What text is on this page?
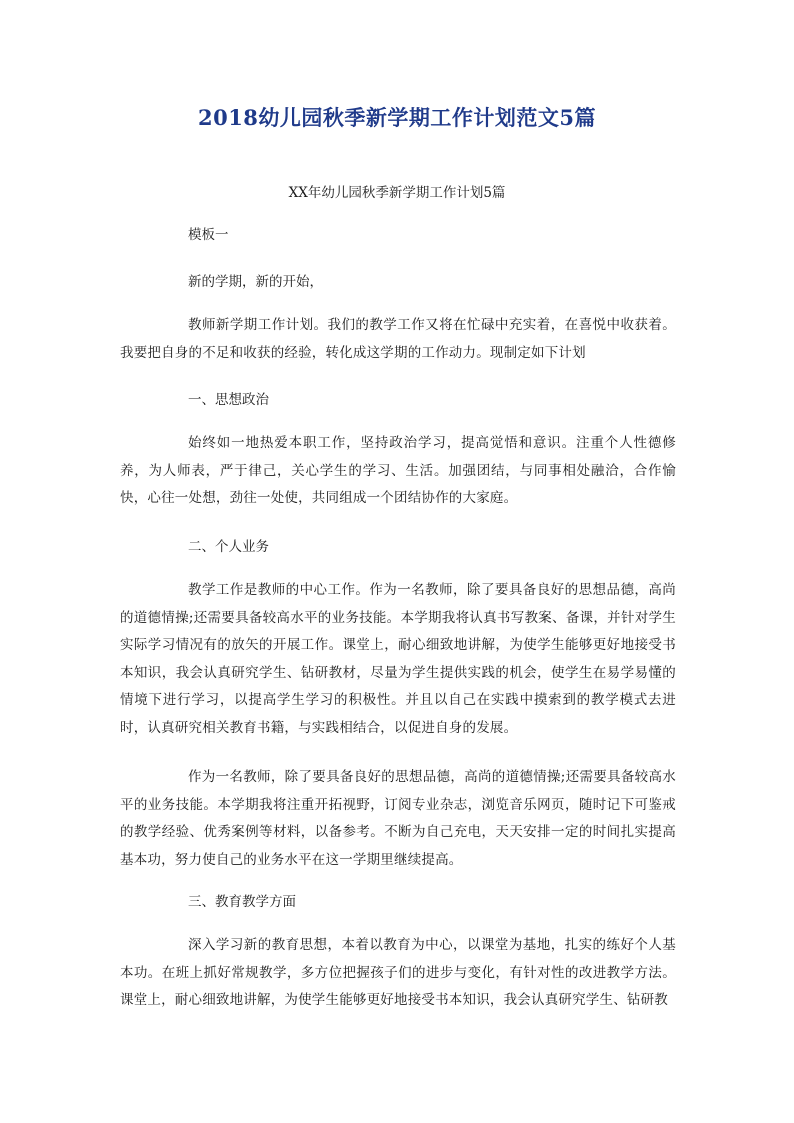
2018幼儿园秋季新学期工作计划范文5篇

XX年幼儿园秋季新学期工作计划5篇

模板一

新的学期，新的开始，

教师新学期工作计划。我们的教学工作又将在忙碌中充实着，在喜悦中收获着。我要把自身的不足和收获的经验，转化成这学期的工作动力。现制定如下计划

一、思想政治

始终如一地热爱本职工作，坚持政治学习，提高觉悟和意识。注重个人性德修养，为人师表，严于律己，关心学生的学习、生活。加强团结，与同事相处融洽，合作愉快，心往一处想，劲往一处使，共同组成一个团结协作的大家庭。

二、个人业务

教学工作是教师的中心工作。作为一名教师，除了要具备良好的思想品德，高尚的道德情操;还需要具备较高水平的业务技能。本学期我将认真书写教案、备课，并针对学生实际学习情况有的放矢的开展工作。课堂上，耐心细致地讲解，为使学生能够更好地接受书本知识，我会认真研究学生、钻研教材，尽量为学生提供实践的机会，使学生在易学易懂的情境下进行学习，以提高学生学习的积极性。并且以自己在实践中摸索到的教学模式去进时，认真研究相关教育书籍，与实践相结合，以促进自身的发展。

作为一名教师，除了要具备良好的思想品德，高尚的道德情操;还需要具备较高水平的业务技能。本学期我将注重开拓视野，订阅专业杂志，浏览音乐网页，随时记下可鉴戒的教学经验、优秀案例等材料，以备参考。不断为自己充电，天天安排一定的时间扎实提高基本功，努力使自己的业务水平在这一学期里继续提高。

三、教育教学方面

深入学习新的教育思想，本着以教育为中心，以课堂为基地，扎实的练好个人基本功。在班上抓好常规教学，多方位把握孩子们的进步与变化，有针对性的改进教学方法。课堂上，耐心细致地讲解，为使学生能够更好地接受书本知识，我会认真研究学生、钻研教
